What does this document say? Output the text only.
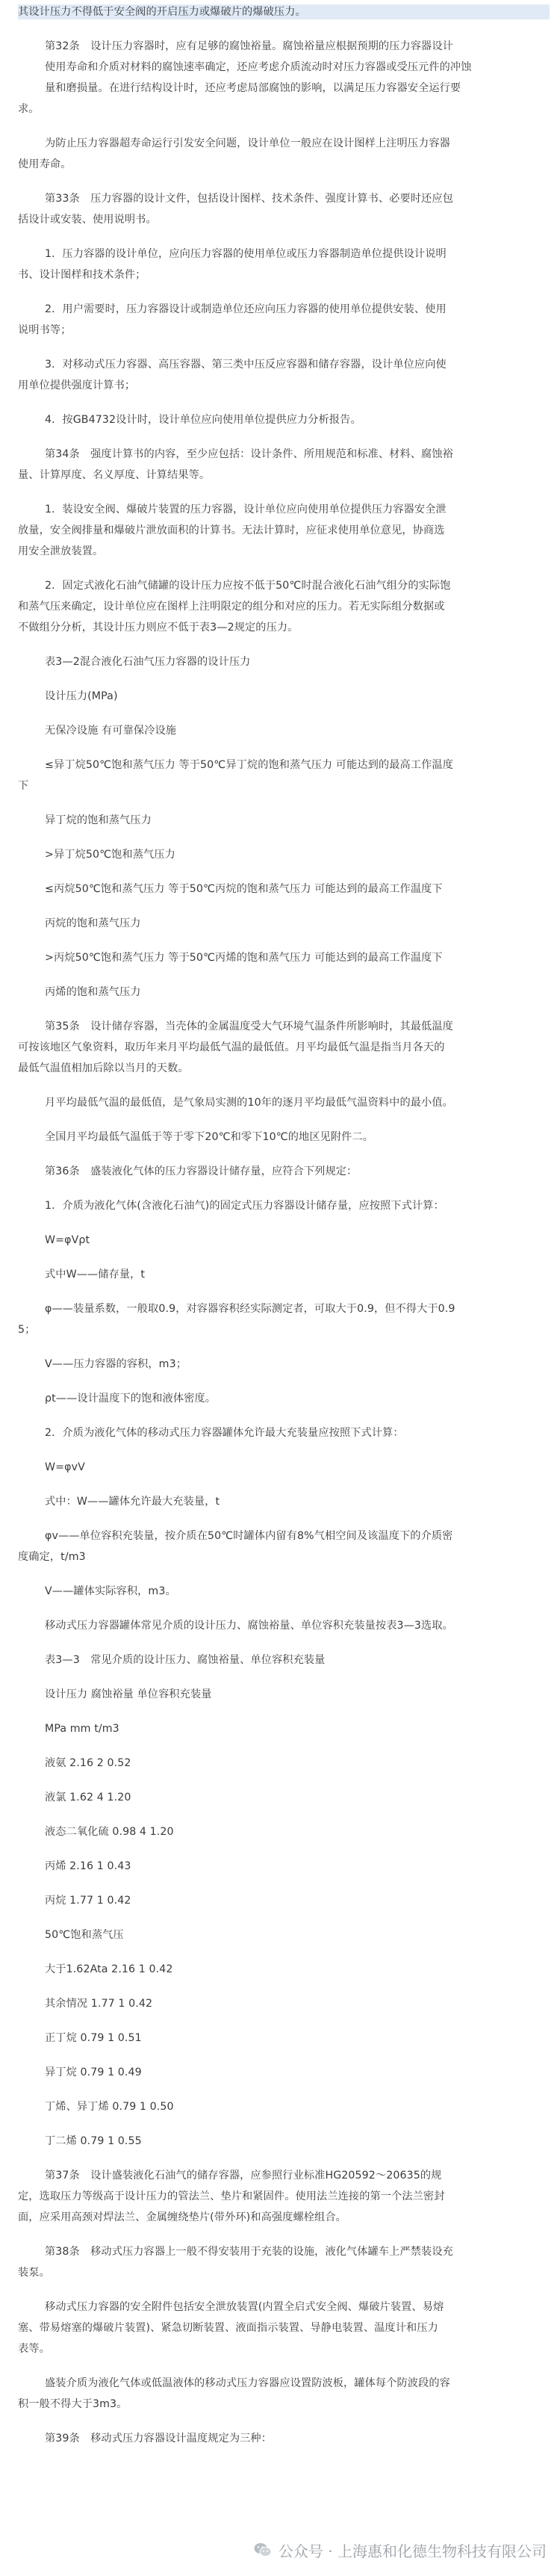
其设计压力不得低于安全阀的开启压力或爆破片的爆破压力。
第32条　设计压力容器时，应有足够的腐蚀裕量。腐蚀裕量应根据预期的压力容器设计
使用寿命和介质对材料的腐蚀速率确定，还应考虑介质流动时对压力容器或受压元件的冲蚀
量和磨损量。在进行结构设计时，还应考虑局部腐蚀的影响，以满足压力容器安全运行要
求。
为防止压力容器超寿命运行引发安全问题，设计单位一般应在设计图样上注明压力容器
使用寿命。
第33条　压力容器的设计文件，包括设计图样、技术条件、强度计算书、必要时还应包
括设计或安装、使用说明书。
1．压力容器的设计单位，应向压力容器的使用单位或压力容器制造单位提供设计说明
书、设计图样和技术条件；
2．用户需要时，压力容器设计或制造单位还应向压力容器的使用单位提供安装、使用
说明书等；
3．对移动式压力容器、高压容器、第三类中压反应容器和储存容器，设计单位应向使
用单位提供强度计算书；
4．按GB4732设计时，设计单位应向使用单位提供应力分析报告。
第34条　强度计算书的内容，至少应包括：设计条件、所用规范和标准、材料、腐蚀裕
量、计算厚度、名义厚度、计算结果等。
1．装设安全阀、爆破片装置的压力容器，设计单位应向使用单位提供压力容器安全泄
放量，安全阀排量和爆破片泄放面积的计算书。无法计算时，应征求使用单位意见，协商选
用安全泄放装置。
2．固定式液化石油气储罐的设计压力应按不低于50℃时混合液化石油气组分的实际饱
和蒸气压来确定，设计单位应在图样上注明限定的组分和对应的压力。若无实际组分数据或
不做组分分析，其设计压力则应不低于表3—2规定的压力。
表3—2混合液化石油气压力容器的设计压力
设计压力(MPa)
无保冷设施 有可靠保冷设施
≤异丁烷50℃饱和蒸气压力 等于50℃异丁烷的饱和蒸气压力 可能达到的最高工作温度
下
异丁烷的饱和蒸气压力
>异丁烷50℃饱和蒸气压力
≤丙烷50℃饱和蒸气压力 等于50℃丙烷的饱和蒸气压力 可能达到的最高工作温度下
丙烷的饱和蒸气压力
>丙烷50℃饱和蒸气压力 等于50℃丙烯的饱和蒸气压力 可能达到的最高工作温度下
丙烯的饱和蒸气压力
第35条　设计储存容器，当壳体的金属温度受大气环境气温条件所影响时，其最低温度
可按该地区气象资料，取历年来月平均最低气温的最低值。月平均最低气温是指当月各天的
最低气温值相加后除以当月的天数。
月平均最低气温的最低值，是气象局实测的10年的逐月平均最低气温资料中的最小值。
全国月平均最低气温低于等于零下20℃和零下10℃的地区见附件二。
第36条　盛装液化气体的压力容器设计储存量，应符合下列规定：
1．介质为液化气体(含液化石油气)的固定式压力容器设计储存量，应按照下式计算：
W=φVρt
式中W——储存量，t
φ——装量系数，一般取0.9，对容器容积经实际测定者，可取大于0.9，但不得大于0.9
5；
V——压力容器的容积，m3；
ρt——设计温度下的饱和液体密度。
2．介质为液化气体的移动式压力容器罐体允许最大充装量应按照下式计算：
W=φvV
式中：W——罐体允许最大充装量，t
φv——单位容积充装量，按介质在50℃时罐体内留有8%气相空间及该温度下的介质密
度确定，t/m3
V——罐体实际容积，m3。
移动式压力容器罐体常见介质的设计压力、腐蚀裕量、单位容积充装量按表3—3选取。
表3—3　常见介质的设计压力、腐蚀裕量、单位容积充装量
设计压力 腐蚀裕量 单位容积充装量
MPa mm t/m3
液氨 2.16 2 0.52
液氯 1.62 4 1.20
液态二氧化硫 0.98 4 1.20
丙烯 2.16 1 0.43
丙烷 1.77 1 0.42
50℃饱和蒸气压
大于1.62Ata 2.16 1 0.42
其余情况 1.77 1 0.42
正丁烷 0.79 1 0.51
异丁烷 0.79 1 0.49
丁烯、异丁烯 0.79 1 0.50
丁二烯 0.79 1 0.55
第37条　设计盛装液化石油气的储存容器，应参照行业标准HG20592～20635的规
定，选取压力等级高于设计压力的管法兰、垫片和紧固件。使用法兰连接的第一个法兰密封
面，应采用高颈对焊法兰、金属缠绕垫片(带外环)和高强度螺栓组合。
第38条　移动式压力容器上一般不得安装用于充装的设施，液化气体罐车上严禁装设充
装泵。
移动式压力容器的安全附件包括安全泄放装置(内置全启式安全阀、爆破片装置、易熔
塞、带易熔塞的爆破片装置)、紧急切断装置、液面指示装置、导静电装置、温度计和压力
表等。
盛装介质为液化气体或低温液体的移动式压力容器应设置防波板，罐体每个防波段的容
积一般不得大于3m3。
第39条　移动式压力容器设计温度规定为三种：
公众号 · 上海惠和化德生物科技有限公司
